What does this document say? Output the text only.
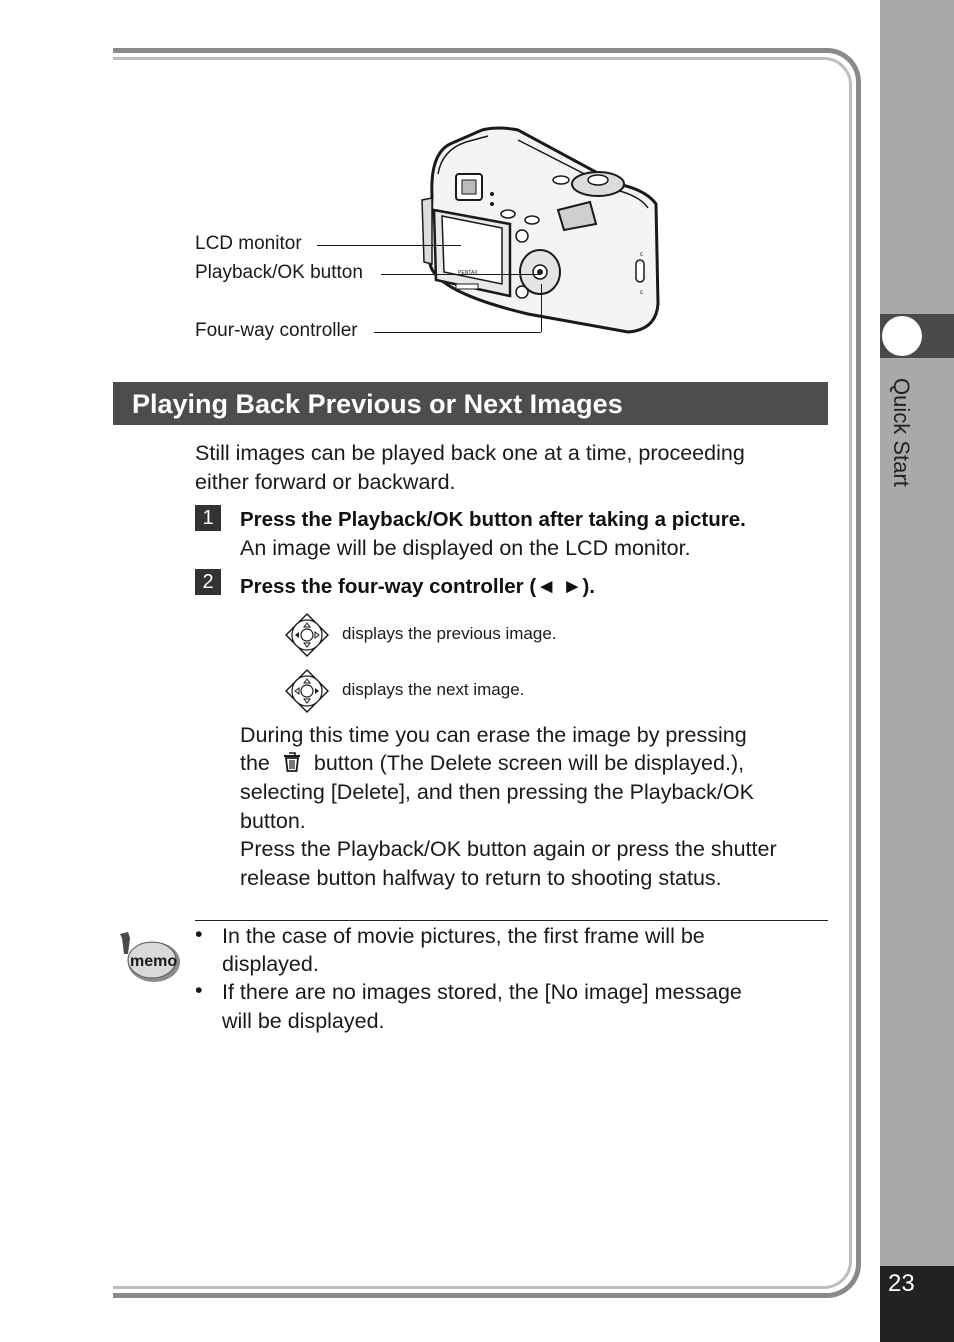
Quick Start
23
PENTAX
c
c
LCD monitor
Playback/OK button
Four-way controller
Playing Back Previous or Next Images
Still images can be played back one at a time, proceeding
either forward or backward.
1	Press the Playback/OK button after taking a picture.
An image will be displayed on the LCD monitor.
2	Press the four-way controller (◄ ►).
displays the previous image.
displays the next image.
During this time you can erase the image by pressing
the button (The Delete screen will be displayed.),
selecting [Delete], and then pressing the Playback/OK
button.
Press the Playback/OK button again or press the shutter
release button halfway to return to shooting status.
memo
• In the case of movie pictures, the first frame will be
displayed.
• If there are no images stored, the [No image] message
will be displayed.
